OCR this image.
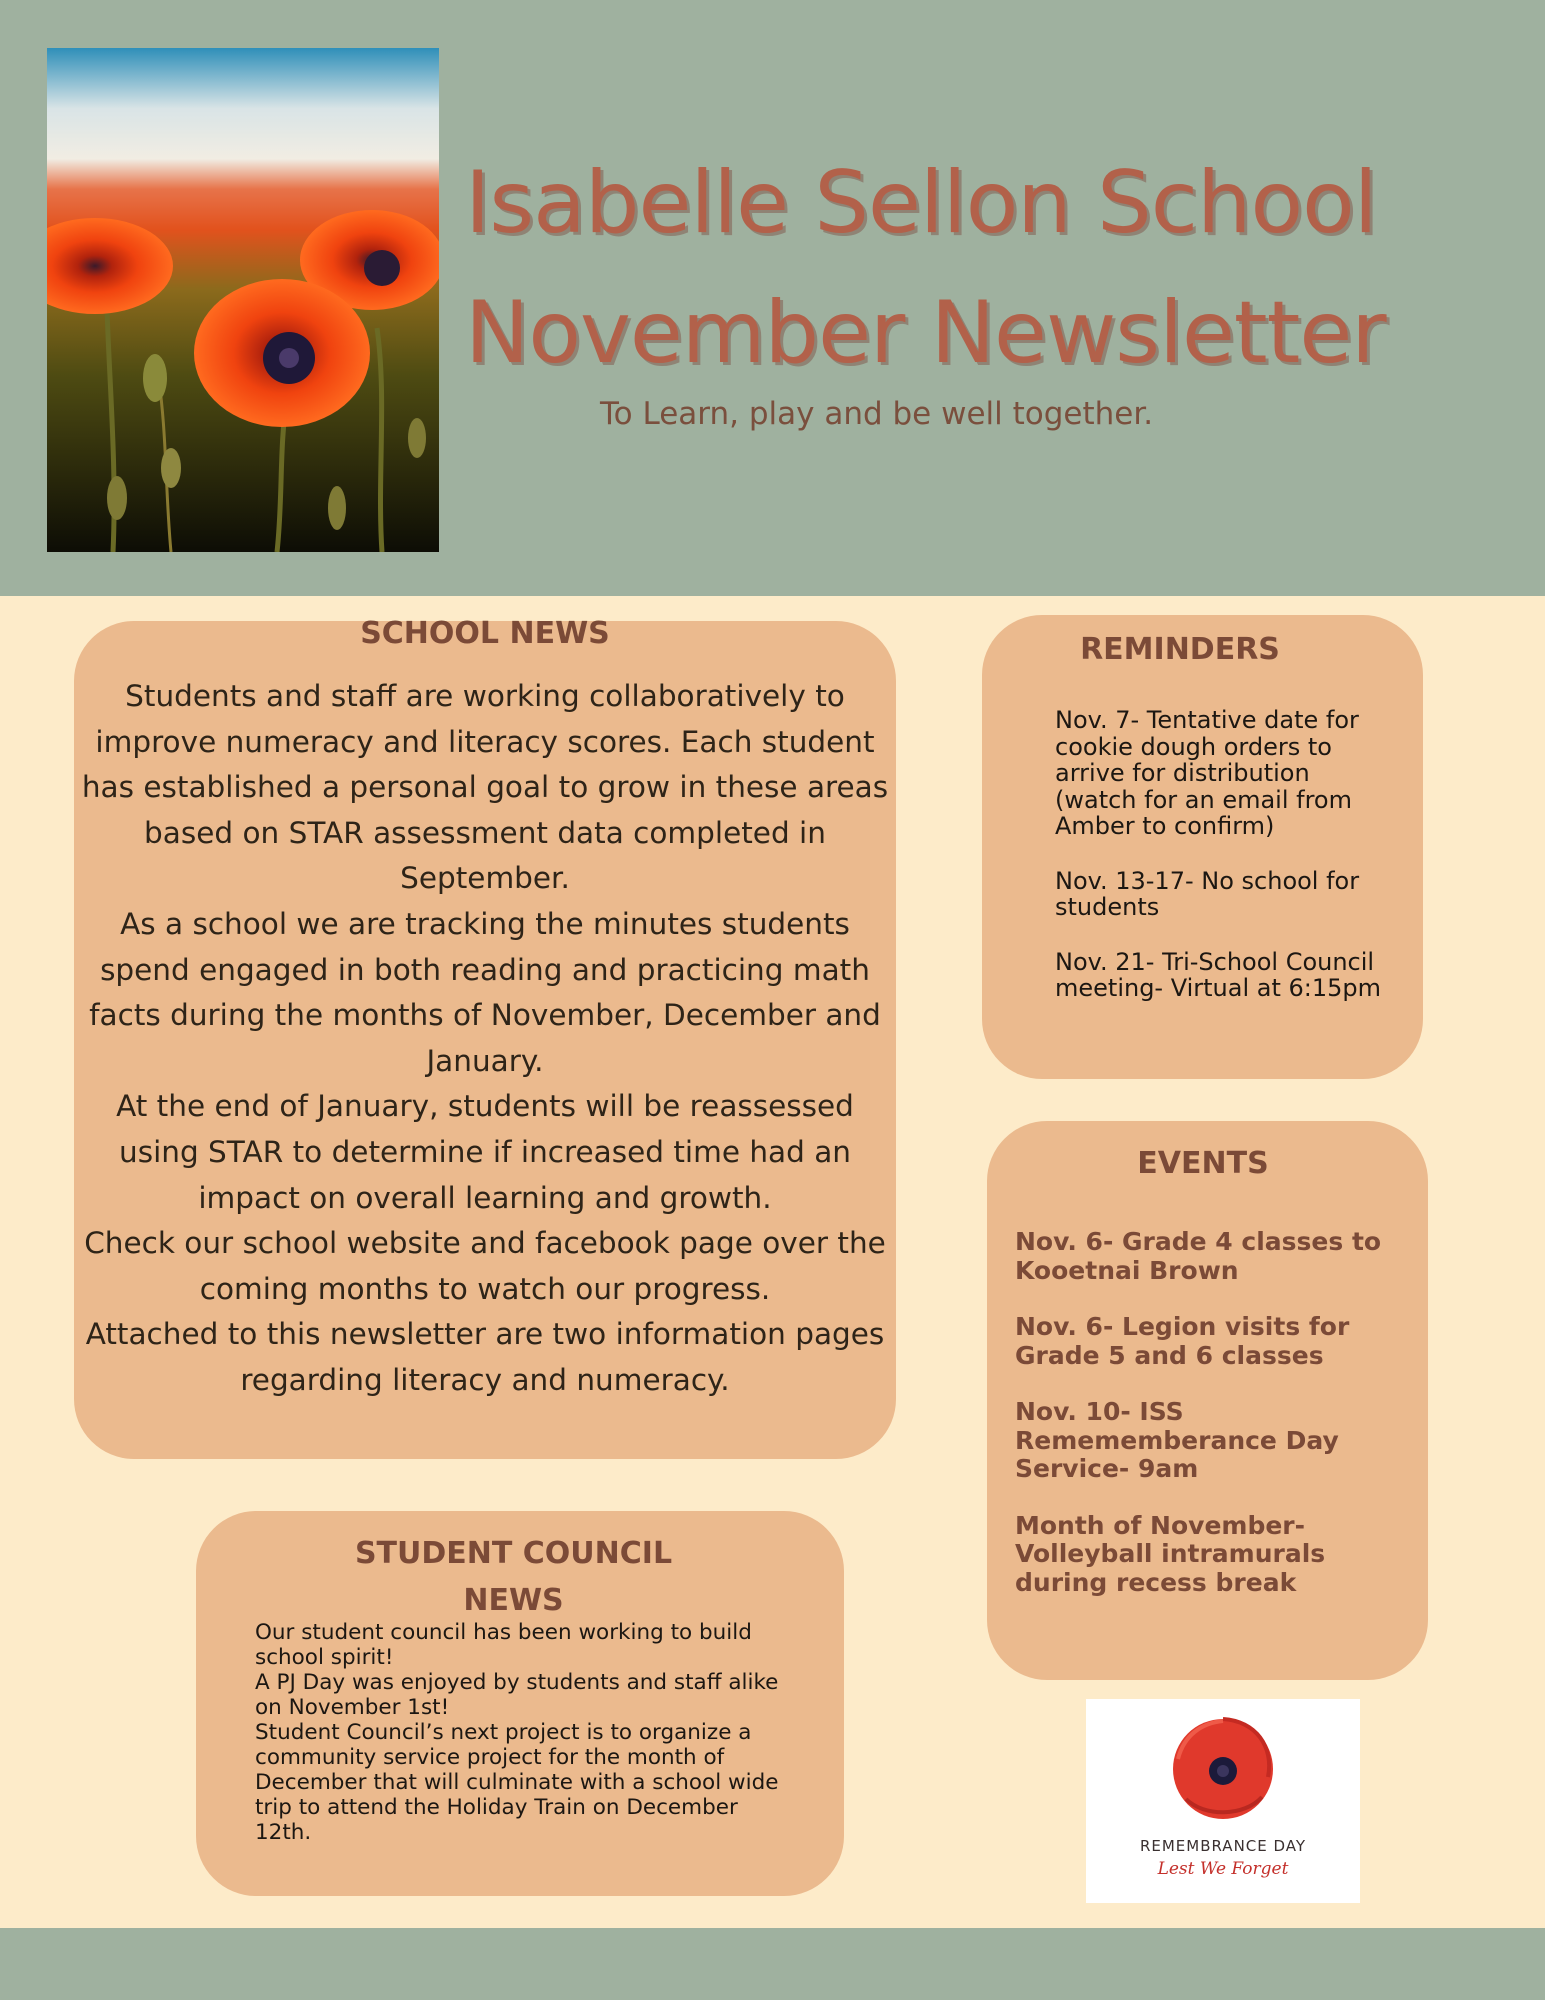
Isabelle Sellon School
November Newsletter

To Learn, play and be well together.

SCHOOL NEWS

Students and staff are working collaboratively to improve numeracy and literacy scores. Each student has established a personal goal to grow in these areas based on STAR assessment data completed in September.

As a school we are tracking the minutes students spend engaged in both reading and practicing math facts during the months of November, December and January.

At the end of January, students will be reassessed using STAR to determine if increased time had an impact on overall learning and growth.

Check our school website and facebook page over the coming months to watch our progress.

Attached to this newsletter are two information pages regarding literacy and numeracy.

REMINDERS

Nov. 7- Tentative date for cookie dough orders to arrive for distribution (watch for an email from Amber to confirm)

Nov. 13-17- No school for students

Nov. 21- Tri-School Council meeting- Virtual at 6:15pm

EVENTS

Nov. 6- Grade 4 classes to Kooetnai Brown

Nov. 6- Legion visits for Grade 5 and 6 classes

Nov. 10- ISS Remememberance Day Service- 9am

Month of November- Volleyball intramurals during recess break

STUDENT COUNCIL
NEWS

Our student council has been working to build school spirit!

A PJ Day was enjoyed by students and staff alike on November 1st!

Student Council’s next project is to organize a community service project for the month of December that will culminate with a school wide trip to attend the Holiday Train on December 12th.

REMEMBRANCE DAY
Lest We Forget
